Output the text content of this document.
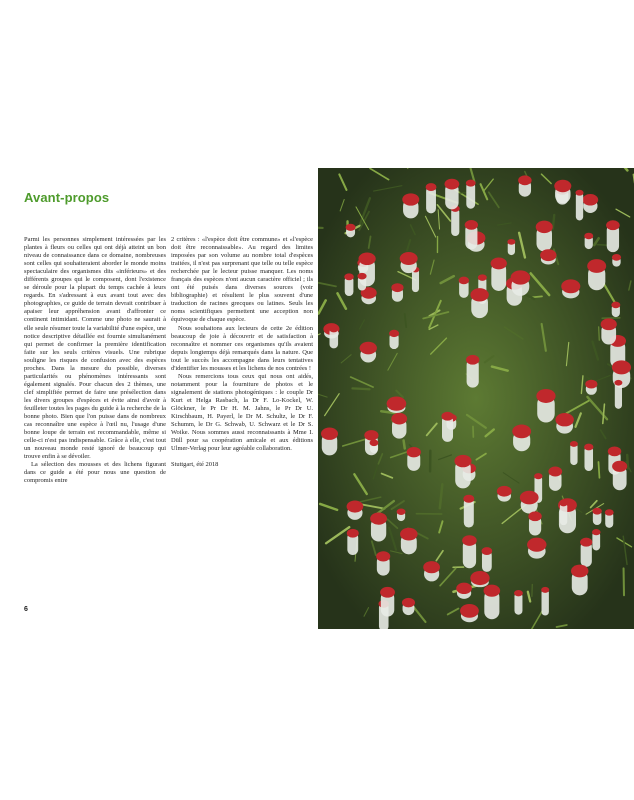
Avant-propos

Parmi les personnes simplement intéressées par les plantes à fleurs ou celles qui ont déjà atteint un bon niveau de connaissance dans ce domaine, nombreuses sont celles qui souhaiteraient aborder le monde moins spectaculaire des organismes dits «inférieurs» et des différents groupes qui le composent, dont l'existence se déroule pour la plupart du temps cachée à leurs regards. En s'adressant à eux avant tout avec des photographies, ce guide de terrain devrait contribuer à apaiser leur appréhension avant d'affronter ce continent intimidant. Comme une photo ne saurait à elle seule résumer toute la variabilité d'une espèce, une notice descriptive détaillée est fournie simultanément qui permet de confirmer la première identification faite sur les seuls critères visuels. Une rubrique souligne les risques de confusion avec des espèces proches. Dans la mesure du possible, diverses particularités ou phénomènes intéressants sont également signalés. Pour chacun des 2 thèmes, une clef simplifiée permet de faire une présélection dans les divers groupes d'espèces et évite ainsi d'avoir à feuilleter toutes les pages du guide à la recherche de la bonne photo. Bien que l'on puisse dans de nombreux cas reconnaître une espèce à l'œil nu, l'usage d'une bonne loupe de terrain est recommandable, même si celle-ci n'est pas indispensable. Grâce à elle, c'est tout un nouveau monde resté ignoré de beaucoup qui trouve enfin à se dévoiler.

La sélection des mousses et des lichens figurant dans ce guide a été pour nous une question de compromis entre

2 critères : «l'espèce doit être commune» et «l'espèce doit être reconnaissable». Au regard des limites imposées par son volume au nombre total d'espèces traitées, il n'est pas surprenant que telle ou telle espèce recherchée par le lecteur puisse manquer. Les noms français des espèces n'ont aucun caractère officiel ; ils ont été puisés dans diverses sources (voir bibliographie) et résultent le plus souvent d'une traduction de racines grecques ou latines. Seuls les noms scientifiques permettent une acception non équivoque de chaque espèce.

Nous souhaitons aux lecteurs de cette 2e édition beaucoup de joie à découvrir et de satisfaction à reconnaître et nommer ces organismes qu'ils avaient depuis longtemps déjà remarqués dans la nature. Que tout le succès les accompagne dans leurs tentatives d'identifier les mousses et les lichens de nos contrées !

Nous remercions tous ceux qui nous ont aidés, notamment pour la fourniture de photos et le signalement de stations photogéniques : le couple Dr Kurt et Helga Rasbach, la Dr F. Lo-Kockel, W. Glöckner, le Pr Dr H. M. Jahns, le Pr Dr U. Kirschbaum, H. Payerl, le Dr M. Schultz, le Dr F. Schumm, le Dr G. Schwab, U. Schwarz et le Dr S. Woike. Nous sommes aussi reconnaissants à Mme I. Düll pour sa coopération amicale et aux éditions Ulmer-Verlag pour leur agréable collaboration.

Stuttgart, été 2018

6
